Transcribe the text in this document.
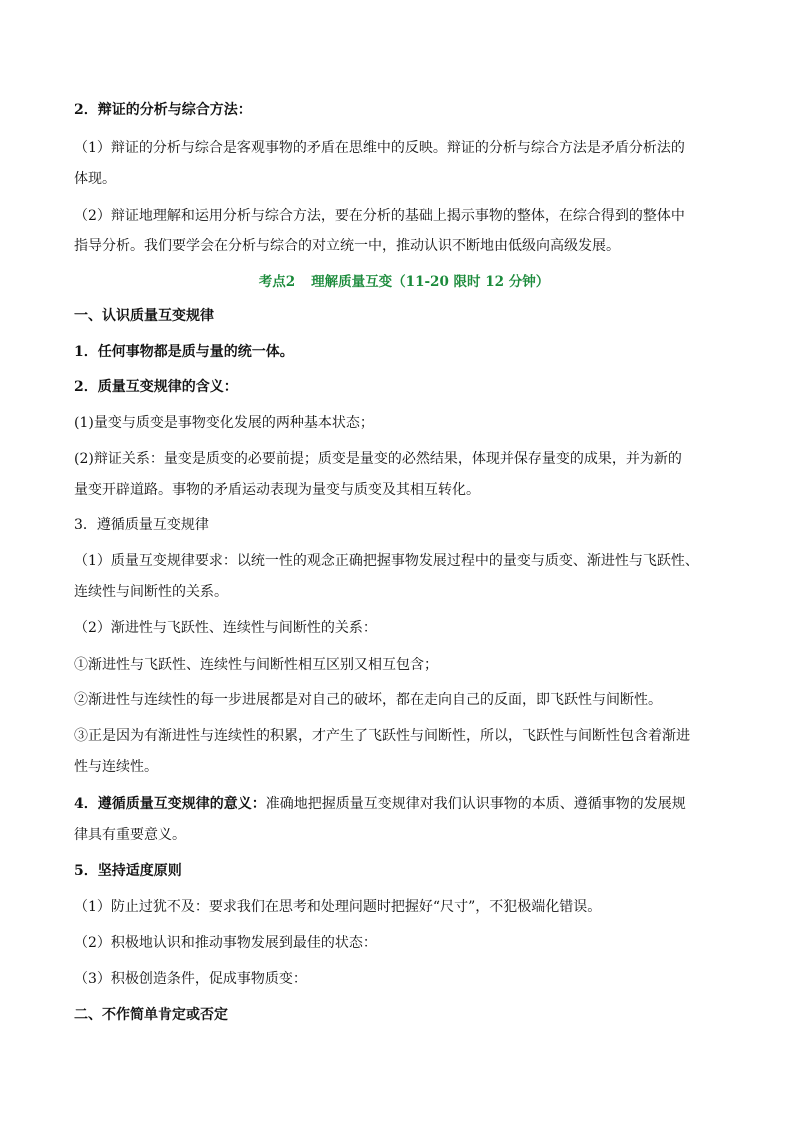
2．辩证的分析与综合方法：
（1）辩证的分析与综合是客观事物的矛盾在思维中的反映。辩证的分析与综合方法是矛盾分析法的
体现。
（2）辩证地理解和运用分析与综合方法，要在分析的基础上揭示事物的整体，在综合得到的整体中
指导分析。我们要学会在分析与综合的对立统一中，推动认识不断地由低级向高级发展。
考点2 理解质量互变（11-20 限时 12 分钟）
一、认识质量互变规律
1．任何事物都是质与量的统一体。
2．质量互变规律的含义：
(1)量变与质变是事物变化发展的两种基本状态；
(2)辩证关系：量变是质变的必要前提；质变是量变的必然结果，体现并保存量变的成果，并为新的
量变开辟道路。事物的矛盾运动表现为量变与质变及其相互转化。
3．遵循质量互变规律
（1）质量互变规律要求：以统一性的观念正确把握事物发展过程中的量变与质变、渐进性与飞跃性、
连续性与间断性的关系。
（2）渐进性与飞跃性、连续性与间断性的关系：
①渐进性与飞跃性、连续性与间断性相互区别又相互包含；
②渐进性与连续性的每一步进展都是对自己的破坏，都在走向自己的反面，即飞跃性与间断性。
③正是因为有渐进性与连续性的积累，才产生了飞跃性与间断性，所以，飞跃性与间断性包含着渐进
性与连续性。
4．遵循质量互变规律的意义：准确地把握质量互变规律对我们认识事物的本质、遵循事物的发展规
律具有重要意义。
5．坚持适度原则
（1）防止过犹不及：要求我们在思考和处理问题时把握好“尺寸”，不犯极端化错误。
（2）积极地认识和推动事物发展到最佳的状态：
（3）积极创造条件，促成事物质变：
二、不作简单肯定或否定
